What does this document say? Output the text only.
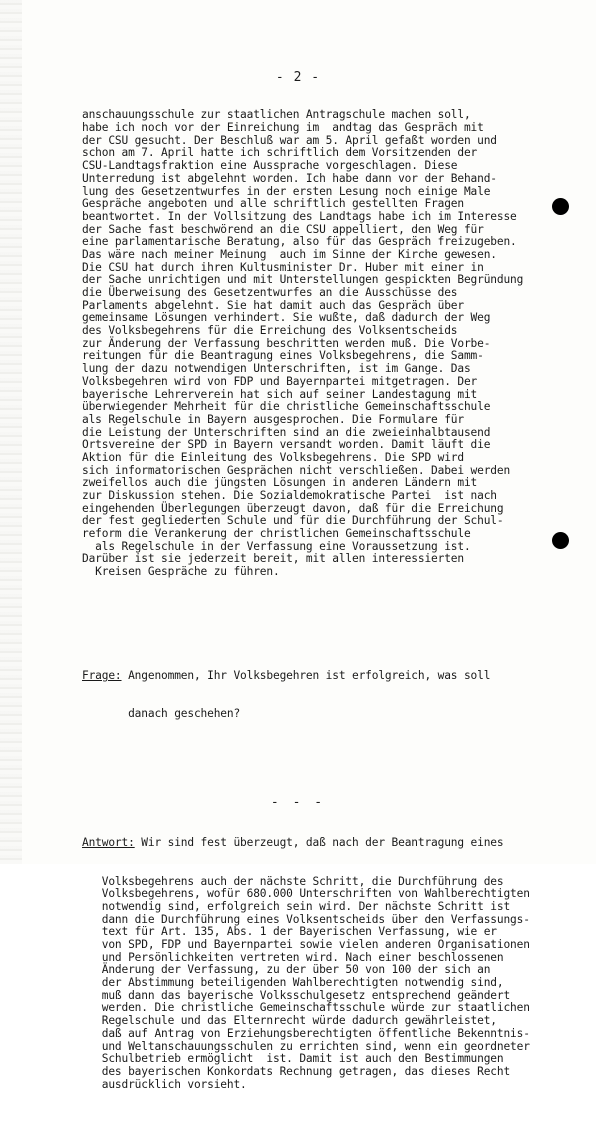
- 2 -

anschauungsschule zur staatlichen Antragschule machen soll,
habe ich noch vor der Einreichung im  andtag das Gespräch mit
der CSU gesucht. Der Beschluß war am 5. April gefaßt worden und
schon am 7. April hatte ich schriftlich dem Vorsitzenden der
CSU-Landtagsfraktion eine Aussprache vorgeschlagen. Diese
Unterredung ist abgelehnt worden. Ich habe dann vor der Behand-
lung des Gesetzentwurfes in der ersten Lesung noch einige Male
Gespräche angeboten und alle schriftlich gestellten Fragen
beantwortet. In der Vollsitzung des Landtags habe ich im Interesse
der Sache fast beschwörend an die CSU appelliert, den Weg für
eine parlamentarische Beratung, also für das Gespräch freizugeben.
Das wäre nach meiner Meinung  auch im Sinne der Kirche gewesen.
Die CSU hat durch ihren Kultusminister Dr. Huber mit einer in
der Sache unrichtigen und mit Unterstellungen gespickten Begründung
die Überweisung des Gesetzentwurfes an die Ausschüsse des
Parlaments abgelehnt. Sie hat damit auch das Gespräch über
gemeinsame Lösungen verhindert. Sie wußte, daß dadurch der Weg
des Volksbegehrens für die Erreichung des Volksentscheids
zur Änderung der Verfassung beschritten werden muß. Die Vorbe-
reitungen für die Beantragung eines Volksbegehrens, die Samm-
lung der dazu notwendigen Unterschriften, ist im Gange. Das
Volksbegehren wird von FDP und Bayernpartei mitgetragen. Der
bayerische Lehrerverein hat sich auf seiner Landestagung mit
überwiegender Mehrheit für die christliche Gemeinschaftsschule
als Regelschule in Bayern ausgesprochen. Die Formulare für
die Leistung der Unterschriften sind an die zweieinhalbtausend
Ortsvereine der SPD in Bayern versandt worden. Damit läuft die
Aktion für die Einleitung des Volksbegehrens. Die SPD wird
sich informatorischen Gesprächen nicht verschließen. Dabei werden
zweifellos auch die jüngsten Lösungen in anderen Ländern mit
zur Diskussion stehen. Die Sozialdemokratische Partei  ist nach
eingehenden Überlegungen überzeugt davon, daß für die Erreichung
der fest gegliederten Schule und für die Durchführung der Schul-
reform die Verankerung der christlichen Gemeinschaftsschule
als Regelschule in der Verfassung eine Voraussetzung ist.
Darüber ist sie jederzeit bereit, mit allen interessierten
Kreisen Gespräche zu führen.

Frage: Angenommen, Ihr Volksbegehren ist erfolgreich, was soll

danach geschehen?

Antwort: Wir sind fest überzeugt, daß nach der Beantragung eines

Volksbegehrens auch der nächste Schritt, die Durchführung des
Volksbegehrens, wofür 680.000 Unterschriften von Wahlberechtigten
notwendig sind, erfolgreich sein wird. Der nächste Schritt ist
dann die Durchführung eines Volksentscheids über den Verfassungs-
text für Art. 135, Abs. 1 der Bayerischen Verfassung, wie er
von SPD, FDP und Bayernpartei sowie vielen anderen Organisationen
und Persönlichkeiten vertreten wird. Nach einer beschlossenen
Änderung der Verfassung, zu der über 50 von 100 der sich an
der Abstimmung beteiligenden Wahlberechtigten notwendig sind,
muß dann das bayerische Volksschulgesetz entsprechend geändert
werden. Die christliche Gemeinschaftsschule würde zur staatlichen
Regelschule und das Elternrecht würde dadurch gewährleistet,
daß auf Antrag von Erziehungsberechtigten öffentliche Bekenntnis-
und Weltanschauungsschulen zu errichten sind, wenn ein geordneter
Schulbetrieb ermöglicht  ist. Damit ist auch den Bestimmungen
des bayerischen Konkordats Rechnung getragen, das dieses Recht
ausdrücklich vorsieht.

- - -
